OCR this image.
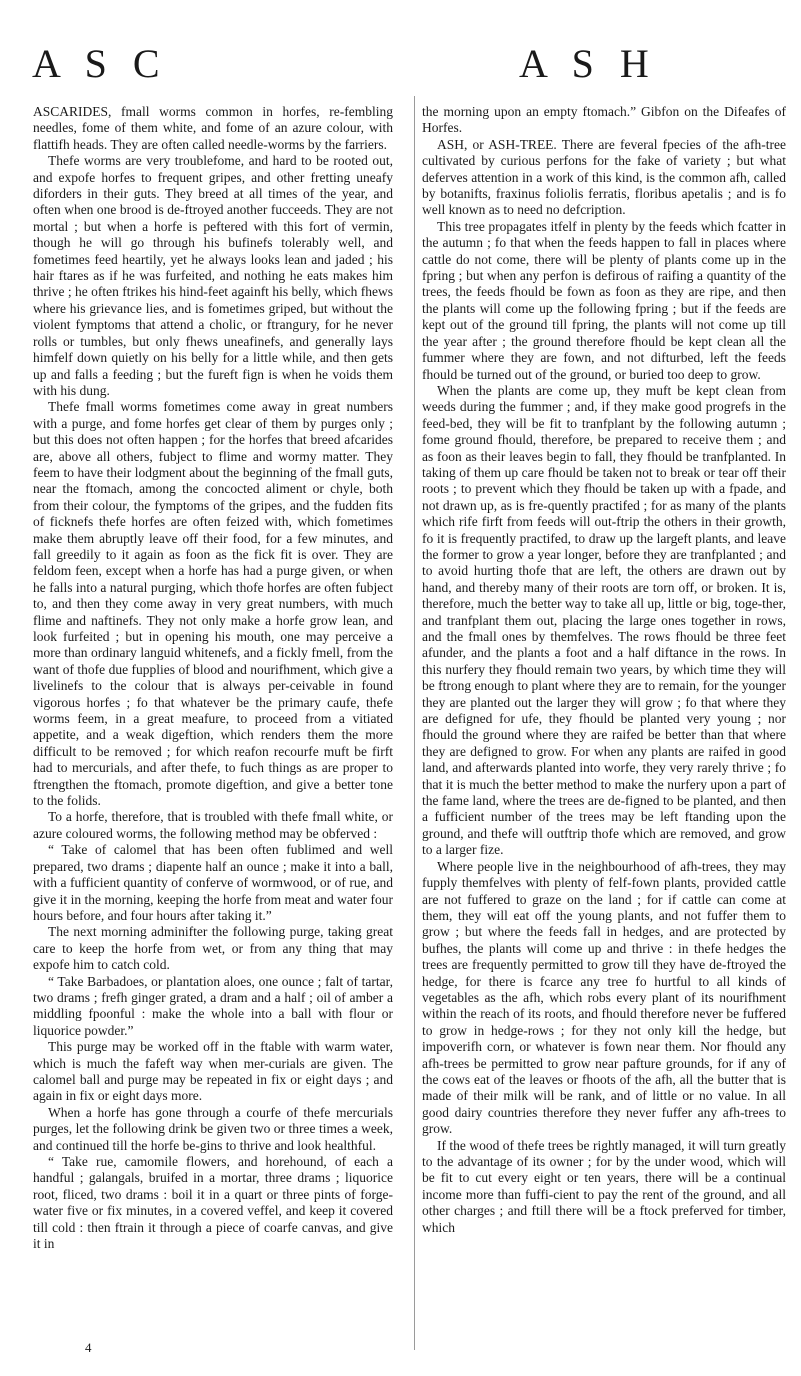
A S C	A S H

ASCARIDES, fmall worms common in horfes, re-fembling needles, fome of them white, and fome of an azure colour, with flattifh heads. They are often called needle-worms by the farriers.

Thefe worms are very troublefome, and hard to be rooted out, and expofe horfes to frequent gripes, and other fretting uneafy diforders in their guts. They breed at all times of the year, and often when one brood is de-ftroyed another fucceeds. They are not mortal ; but when a horfe is peftered with this fort of vermin, though he will go through his bufinefs tolerably well, and fometimes feed heartily, yet he always looks lean and jaded ; his hair ftares as if he was furfeited, and nothing he eats makes him thrive ; he often ftrikes his hind-feet againft his belly, which fhews where his grievance lies, and is fometimes griped, but without the violent fymptoms that attend a cholic, or ftrangury, for he never rolls or tumbles, but only fhews uneafinefs, and generally lays himfelf down quietly on his belly for a little while, and then gets up and falls a feeding ; but the fureft fign is when he voids them with his dung.

Thefe fmall worms fometimes come away in great numbers with a purge, and fome horfes get clear of them by purges only ; but this does not often happen ; for the horfes that breed afcarides are, above all others, fubject to flime and wormy matter. They feem to have their lodgment about the beginning of the fmall guts, near the ftomach, among the concocted aliment or chyle, both from their colour, the fymptoms of the gripes, and the fudden fits of ficknefs thefe horfes are often feized with, which fometimes make them abruptly leave off their food, for a few minutes, and fall greedily to it again as foon as the fick fit is over. They are feldom feen, except when a horfe has had a purge given, or when he falls into a natural purging, which thofe horfes are often fubject to, and then they come away in very great numbers, with much flime and naftinefs. They not only make a horfe grow lean, and look furfeited ; but in opening his mouth, one may perceive a more than ordinary languid whitenefs, and a fickly fmell, from the want of thofe due fupplies of blood and nourifhment, which give a livelinefs to the colour that is always per-ceivable in found vigorous horfes ; fo that whatever be the primary caufe, thefe worms feem, in a great meafure, to proceed from a vitiated appetite, and a weak digeftion, which renders them the more difficult to be removed ; for which reafon recourfe muft be firft had to mercurials, and after thefe, to fuch things as are proper to ftrengthen the ftomach, promote digeftion, and give a better tone to the folids.

To a horfe, therefore, that is troubled with thefe fmall white, or azure coloured worms, the following method may be obferved :

“ Take of calomel that has been often fublimed and well prepared, two drams ; diapente half an ounce ; make it into a ball, with a fufficient quantity of conferve of wormwood, or of rue, and give it in the morning, keeping the horfe from meat and water four hours before, and four hours after taking it.”

The next morning adminifter the following purge, taking great care to keep the horfe from wet, or from any thing that may expofe him to catch cold.

“ Take Barbadoes, or plantation aloes, one ounce ; falt of tartar, two drams ; frefh ginger grated, a dram and a half ; oil of amber a middling fpoonful : make the whole into a ball with flour or liquorice powder.”

This purge may be worked off in the ftable with warm water, which is much the fafeft way when mer-curials are given. The calomel ball and purge may be repeated in fix or eight days ; and again in fix or eight days more.

When a horfe has gone through a courfe of thefe mercurials purges, let the following drink be given two or three times a week, and continued till the horfe be-gins to thrive and look healthful.

“ Take rue, camomile flowers, and horehound, of each a handful ; galangals, bruifed in a mortar, three drams ; liquorice root, fliced, two drams : boil it in a quart or three pints of forge-water five or fix minutes, in a covered veffel, and keep it covered till cold : then ftrain it through a piece of coarfe canvas, and give it in

the morning upon an empty ftomach.” Gibfon on the Difeafes of Horfes.

ASH, or ASH-TREE. There are feveral fpecies of the afh-tree cultivated by curious perfons for the fake of variety ; but what deferves attention in a work of this kind, is the common afh, called by botanifts, fraxinus foliolis ferratis, floribus apetalis ; and is fo well known as to need no defcription.

This tree propagates itfelf in plenty by the feeds which fcatter in the autumn ; fo that when the feeds happen to fall in places where cattle do not come, there will be plenty of plants come up in the fpring ; but when any perfon is defirous of raifing a quantity of the trees, the feeds fhould be fown as foon as they are ripe, and then the plants will come up the following fpring ; but if the feeds are kept out of the ground till fpring, the plants will not come up till the year after ; the ground therefore fhould be kept clean all the fummer where they are fown, and not difturbed, left the feeds fhould be turned out of the ground, or buried too deep to grow.

When the plants are come up, they muft be kept clean from weeds during the fummer ; and, if they make good progrefs in the feed-bed, they will be fit to tranfplant by the following autumn ; fome ground fhould, therefore, be prepared to receive them ; and as foon as their leaves begin to fall, they fhould be tranfplanted. In taking of them up care fhould be taken not to break or tear off their roots ; to prevent which they fhould be taken up with a fpade, and not drawn up, as is fre-quently practifed ; for as many of the plants which rife firft from feeds will out-ftrip the others in their growth, fo it is frequently practifed, to draw up the largeft plants, and leave the former to grow a year longer, before they are tranfplanted ; and to avoid hurting thofe that are left, the others are drawn out by hand, and thereby many of their roots are torn off, or broken. It is, therefore, much the better way to take all up, little or big, toge-ther, and tranfplant them out, placing the large ones together in rows, and the fmall ones by themfelves. The rows fhould be three feet afunder, and the plants a foot and a half diftance in the rows. In this nurfery they fhould remain two years, by which time they will be ftrong enough to plant where they are to remain, for the younger they are planted out the larger they will grow ; fo that where they are defigned for ufe, they fhould be planted very young ; nor fhould the ground where they are raifed be better than that where they are defigned to grow. For when any plants are raifed in good land, and afterwards planted into worfe, they very rarely thrive ; fo that it is much the better method to make the nurfery upon a part of the fame land, where the trees are de-figned to be planted, and then a fufficient number of the trees may be left ftanding upon the ground, and thefe will outftrip thofe which are removed, and grow to a larger fize.

Where people live in the neighbourhood of afh-trees, they may fupply themfelves with plenty of felf-fown plants, provided cattle are not fuffered to graze on the land ; for if cattle can come at them, they will eat off the young plants, and not fuffer them to grow ; but where the feeds fall in hedges, and are protected by bufhes, the plants will come up and thrive : in thefe hedges the trees are frequently permitted to grow till they have de-ftroyed the hedge, for there is fcarce any tree fo hurtful to all kinds of vegetables as the afh, which robs every plant of its nourifhment within the reach of its roots, and fhould therefore never be fuffered to grow in hedge-rows ; for they not only kill the hedge, but impoverifh corn, or whatever is fown near them. Nor fhould any afh-trees be permitted to grow near pafture grounds, for if any of the cows eat of the leaves or fhoots of the afh, all the butter that is made of their milk will be rank, and of little or no value. In all good dairy countries therefore they never fuffer any afh-trees to grow.

If the wood of thefe trees be rightly managed, it will turn greatly to the advantage of its owner ; for by the under wood, which will be fit to cut every eight or ten years, there will be a continual income more than fuffi-cient to pay the rent of the ground, and all other charges ; and ftill there will be a ftock preferved for timber, which

4
